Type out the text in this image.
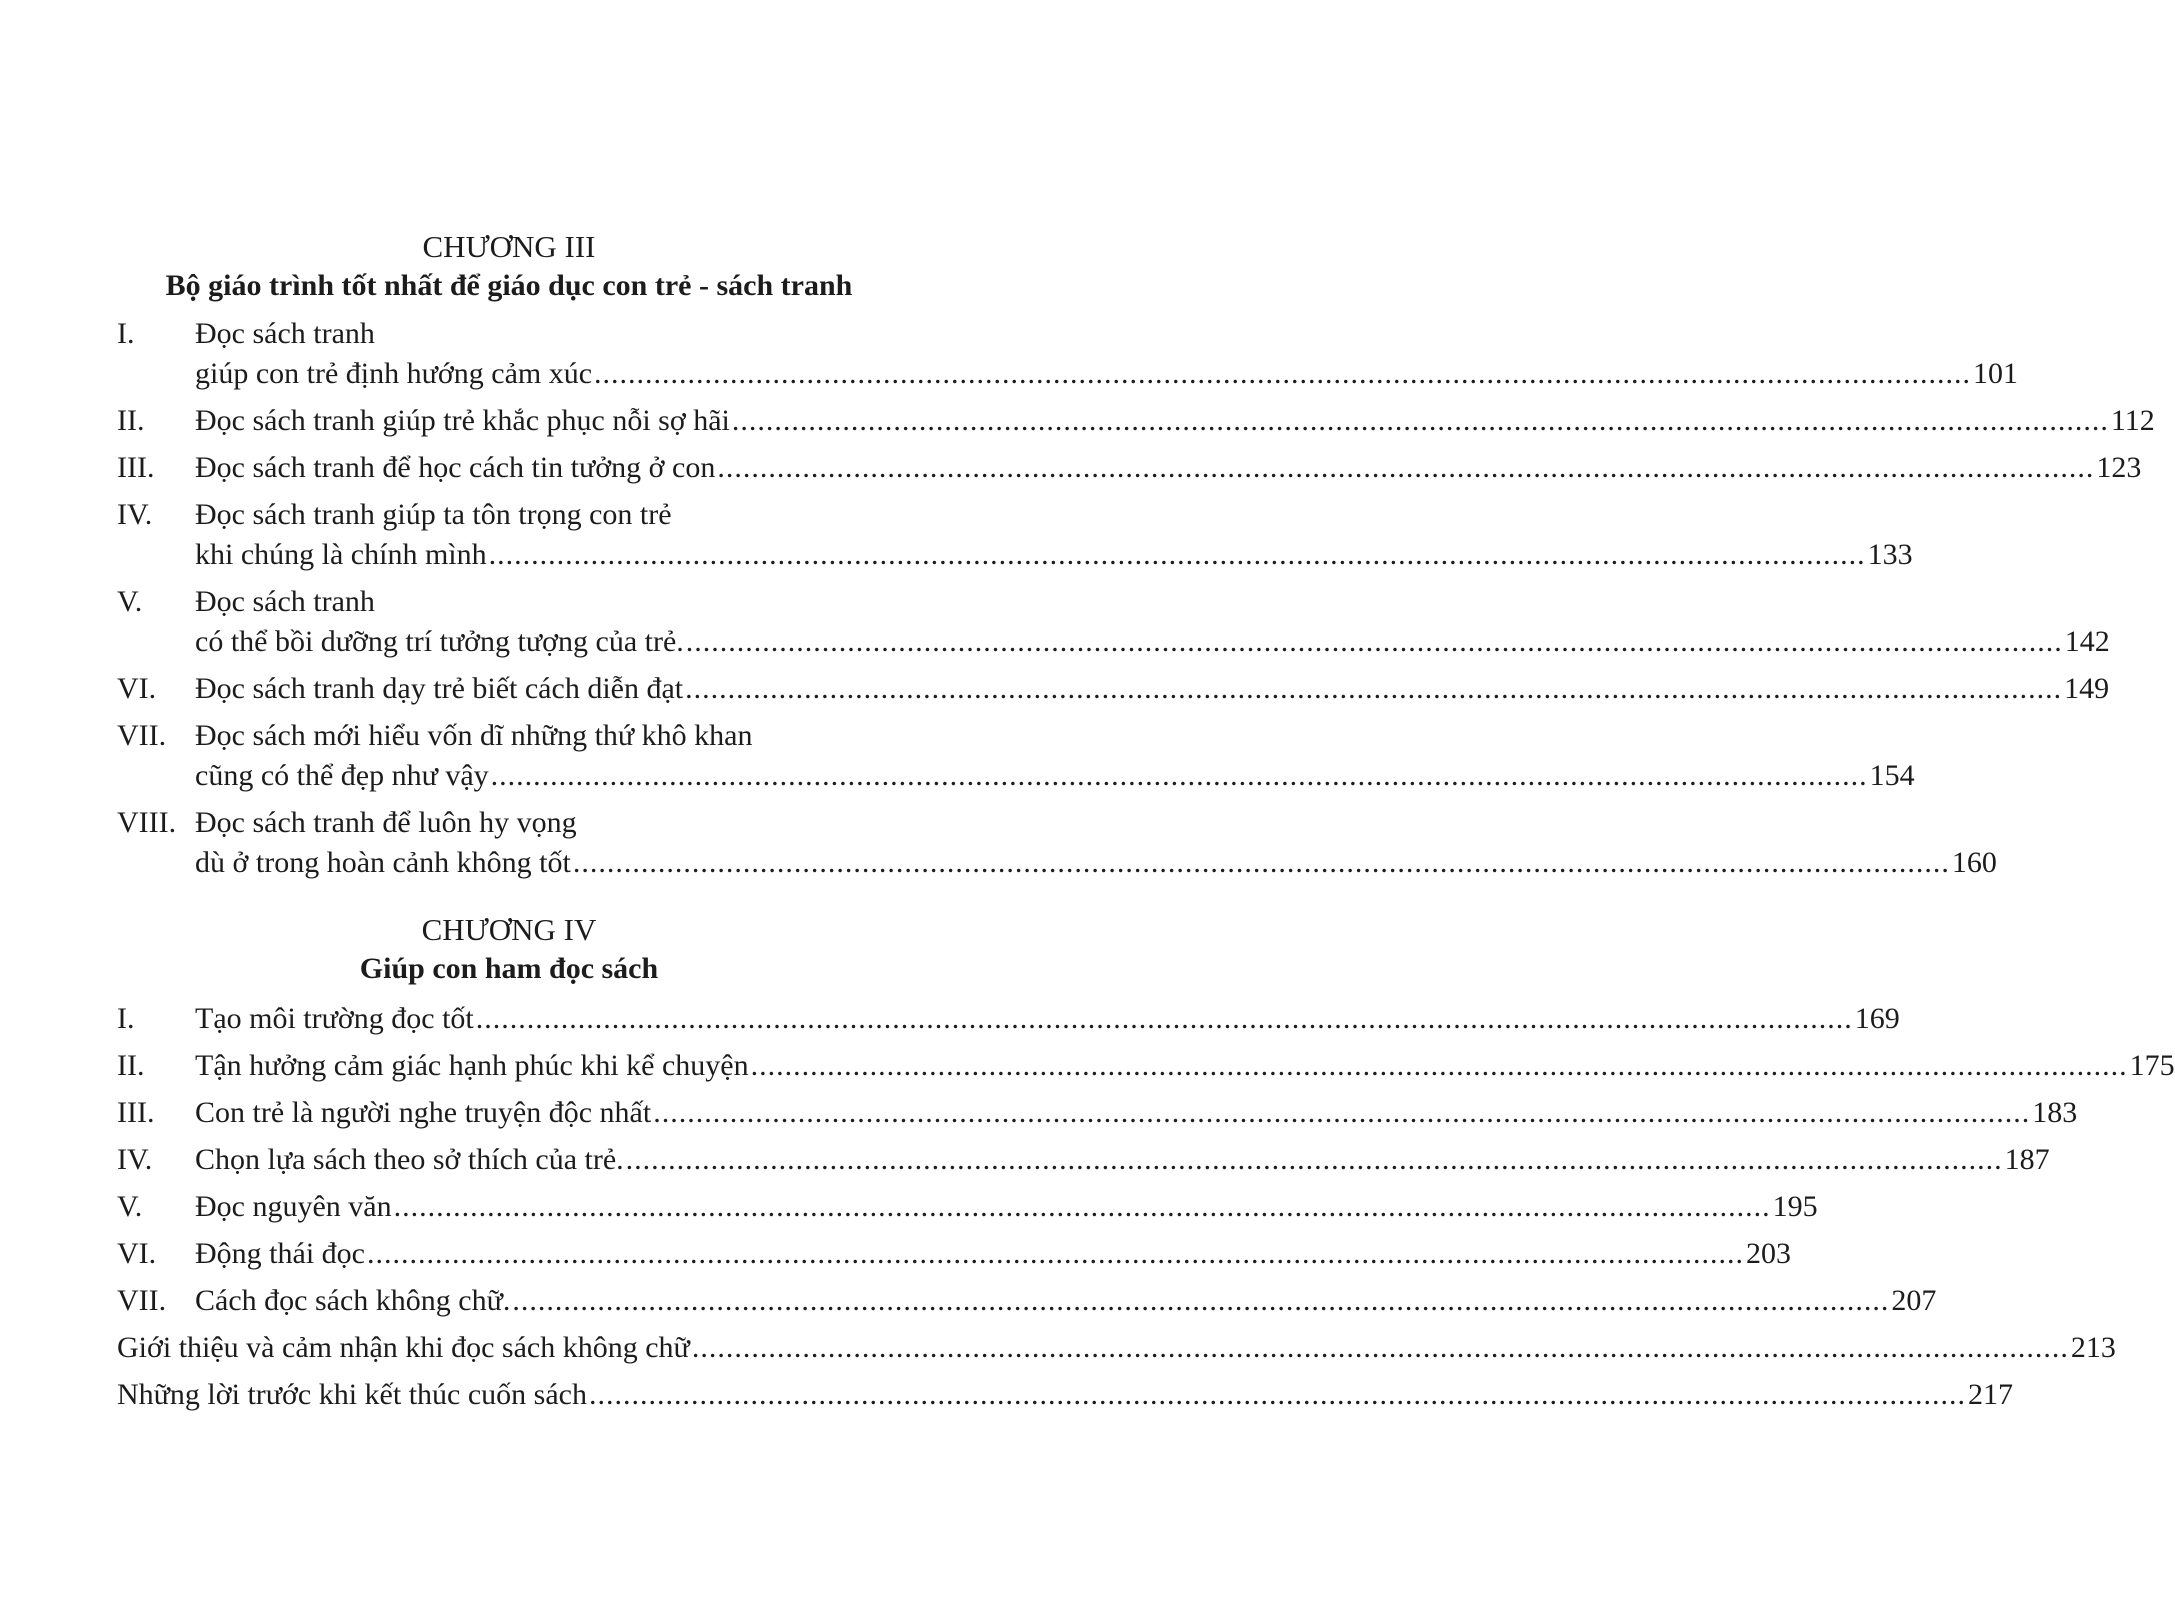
CHƯƠNG III
Bộ giáo trình tốt nhất để giáo dục con trẻ - sách tranh
I.	Đọc sách tranh
giúp con trẻ định hướng cảm xúc .....	101
II.	Đọc sách tranh giúp trẻ khắc phục nỗi sợ hãi .....	112
III.	Đọc sách tranh để học cách tin tưởng ở con .....	123
IV.	Đọc sách tranh giúp ta tôn trọng con trẻ
khi chúng là chính mình .....	133
V.	Đọc sách tranh
có thể bồi dưỡng trí tưởng tượng của trẻ. .....	142
VI.	Đọc sách tranh dạy trẻ biết cách diễn đạt .....	149
VII. Đọc sách mới hiểu vốn dĩ những thứ khô khan
cũng có thể đẹp như vậy .....	154
VIII. Đọc sách tranh để luôn hy vọng
dù ở trong hoàn cảnh không tốt .....	160
CHƯƠNG IV
Giúp con ham đọc sách
I.	Tạo môi trường đọc tốt .....	169
II.	Tận hưởng cảm giác hạnh phúc khi kể chuyện .....	175
III.	Con trẻ là người nghe truyện độc nhất .....	183
IV.	Chọn lựa sách theo sở thích của trẻ. .....	187
V.	Đọc nguyên văn .....	195
VI.	Động thái đọc .....	203
VII. Cách đọc sách không chữ. .....	207
Giới thiệu và cảm nhận khi đọc sách không chữ .....	213
Những lời trước khi kết thúc cuốn sách .....	217
